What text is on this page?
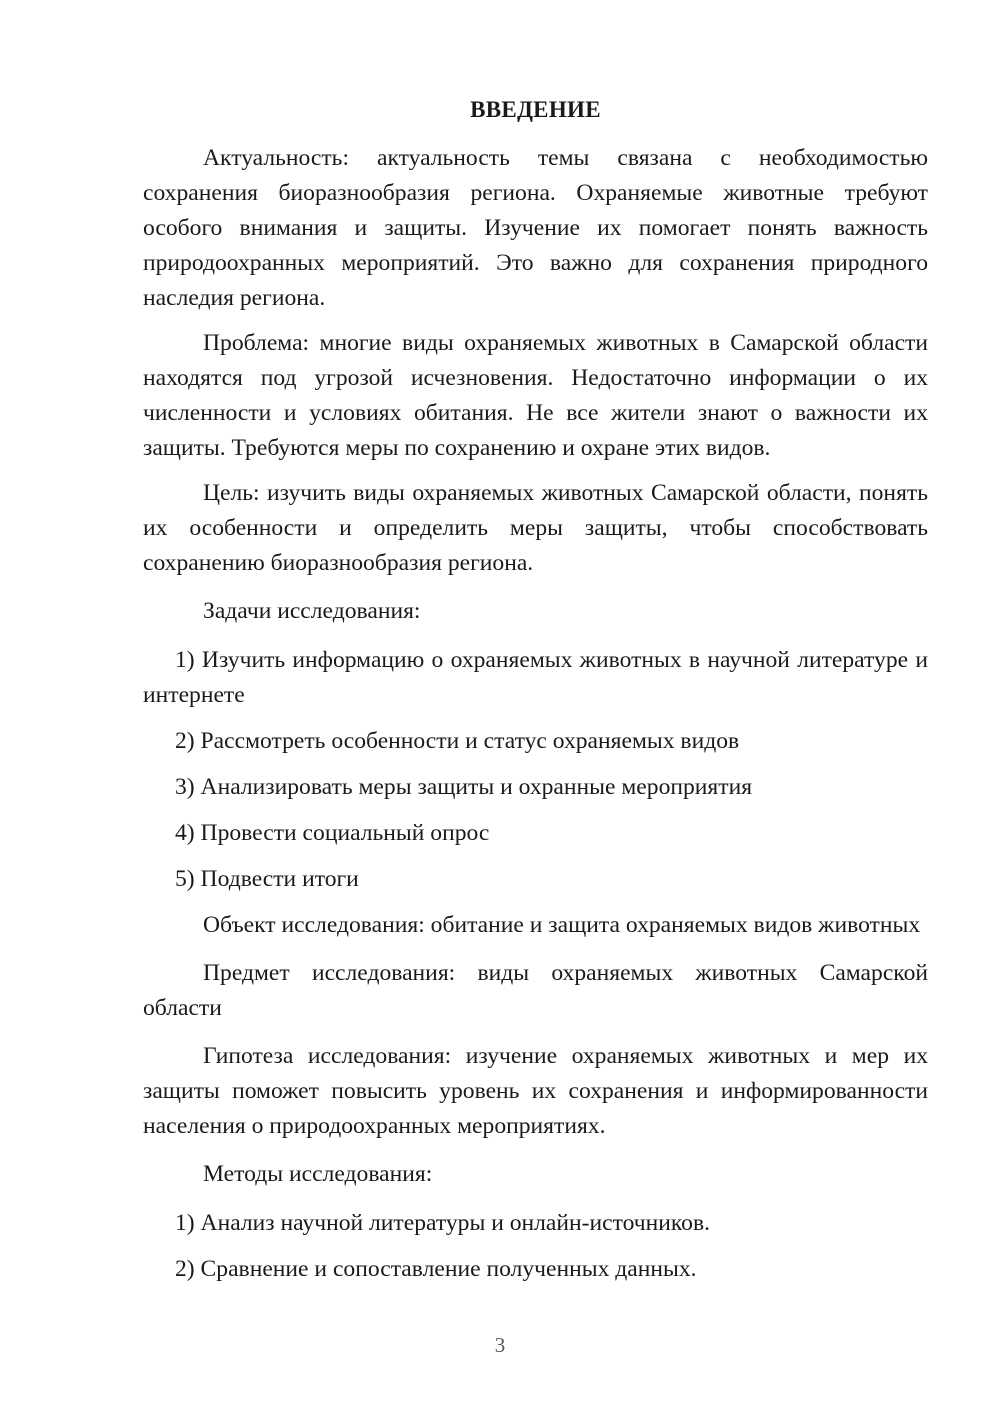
ВВЕДЕНИЕ

Актуальность: актуальность темы связана с необходимостью сохранения биоразнообразия региона. Охраняемые животные требуют особого внимания и защиты. Изучение их помогает понять важность природоохранных мероприятий. Это важно для сохранения природного наследия региона.

Проблема: многие виды охраняемых животных в Самарской области находятся под угрозой исчезновения. Недостаточно информации о их численности и условиях обитания. Не все жители знают о важности их защиты. Требуются меры по сохранению и охране этих видов.

Цель: изучить виды охраняемых животных Самарской области, понять их особенности и определить меры защиты, чтобы способствовать сохранению биоразнообразия региона.

Задачи исследования:

1) Изучить информацию о охраняемых животных в научной литературе и интернете

2) Рассмотреть особенности и статус охраняемых видов

3) Анализировать меры защиты и охранные мероприятия

4) Провести социальный опрос

5) Подвести итоги

Объект исследования: обитание и защита охраняемых видов животных

Предмет исследования: виды охраняемых животных Самарской области

Гипотеза исследования: изучение охраняемых животных и мер их защиты поможет повысить уровень их сохранения и информированности населения о природоохранных мероприятиях.

Методы исследования:

1) Анализ научной литературы и онлайн-источников.

2) Сравнение и сопоставление полученных данных.

3
